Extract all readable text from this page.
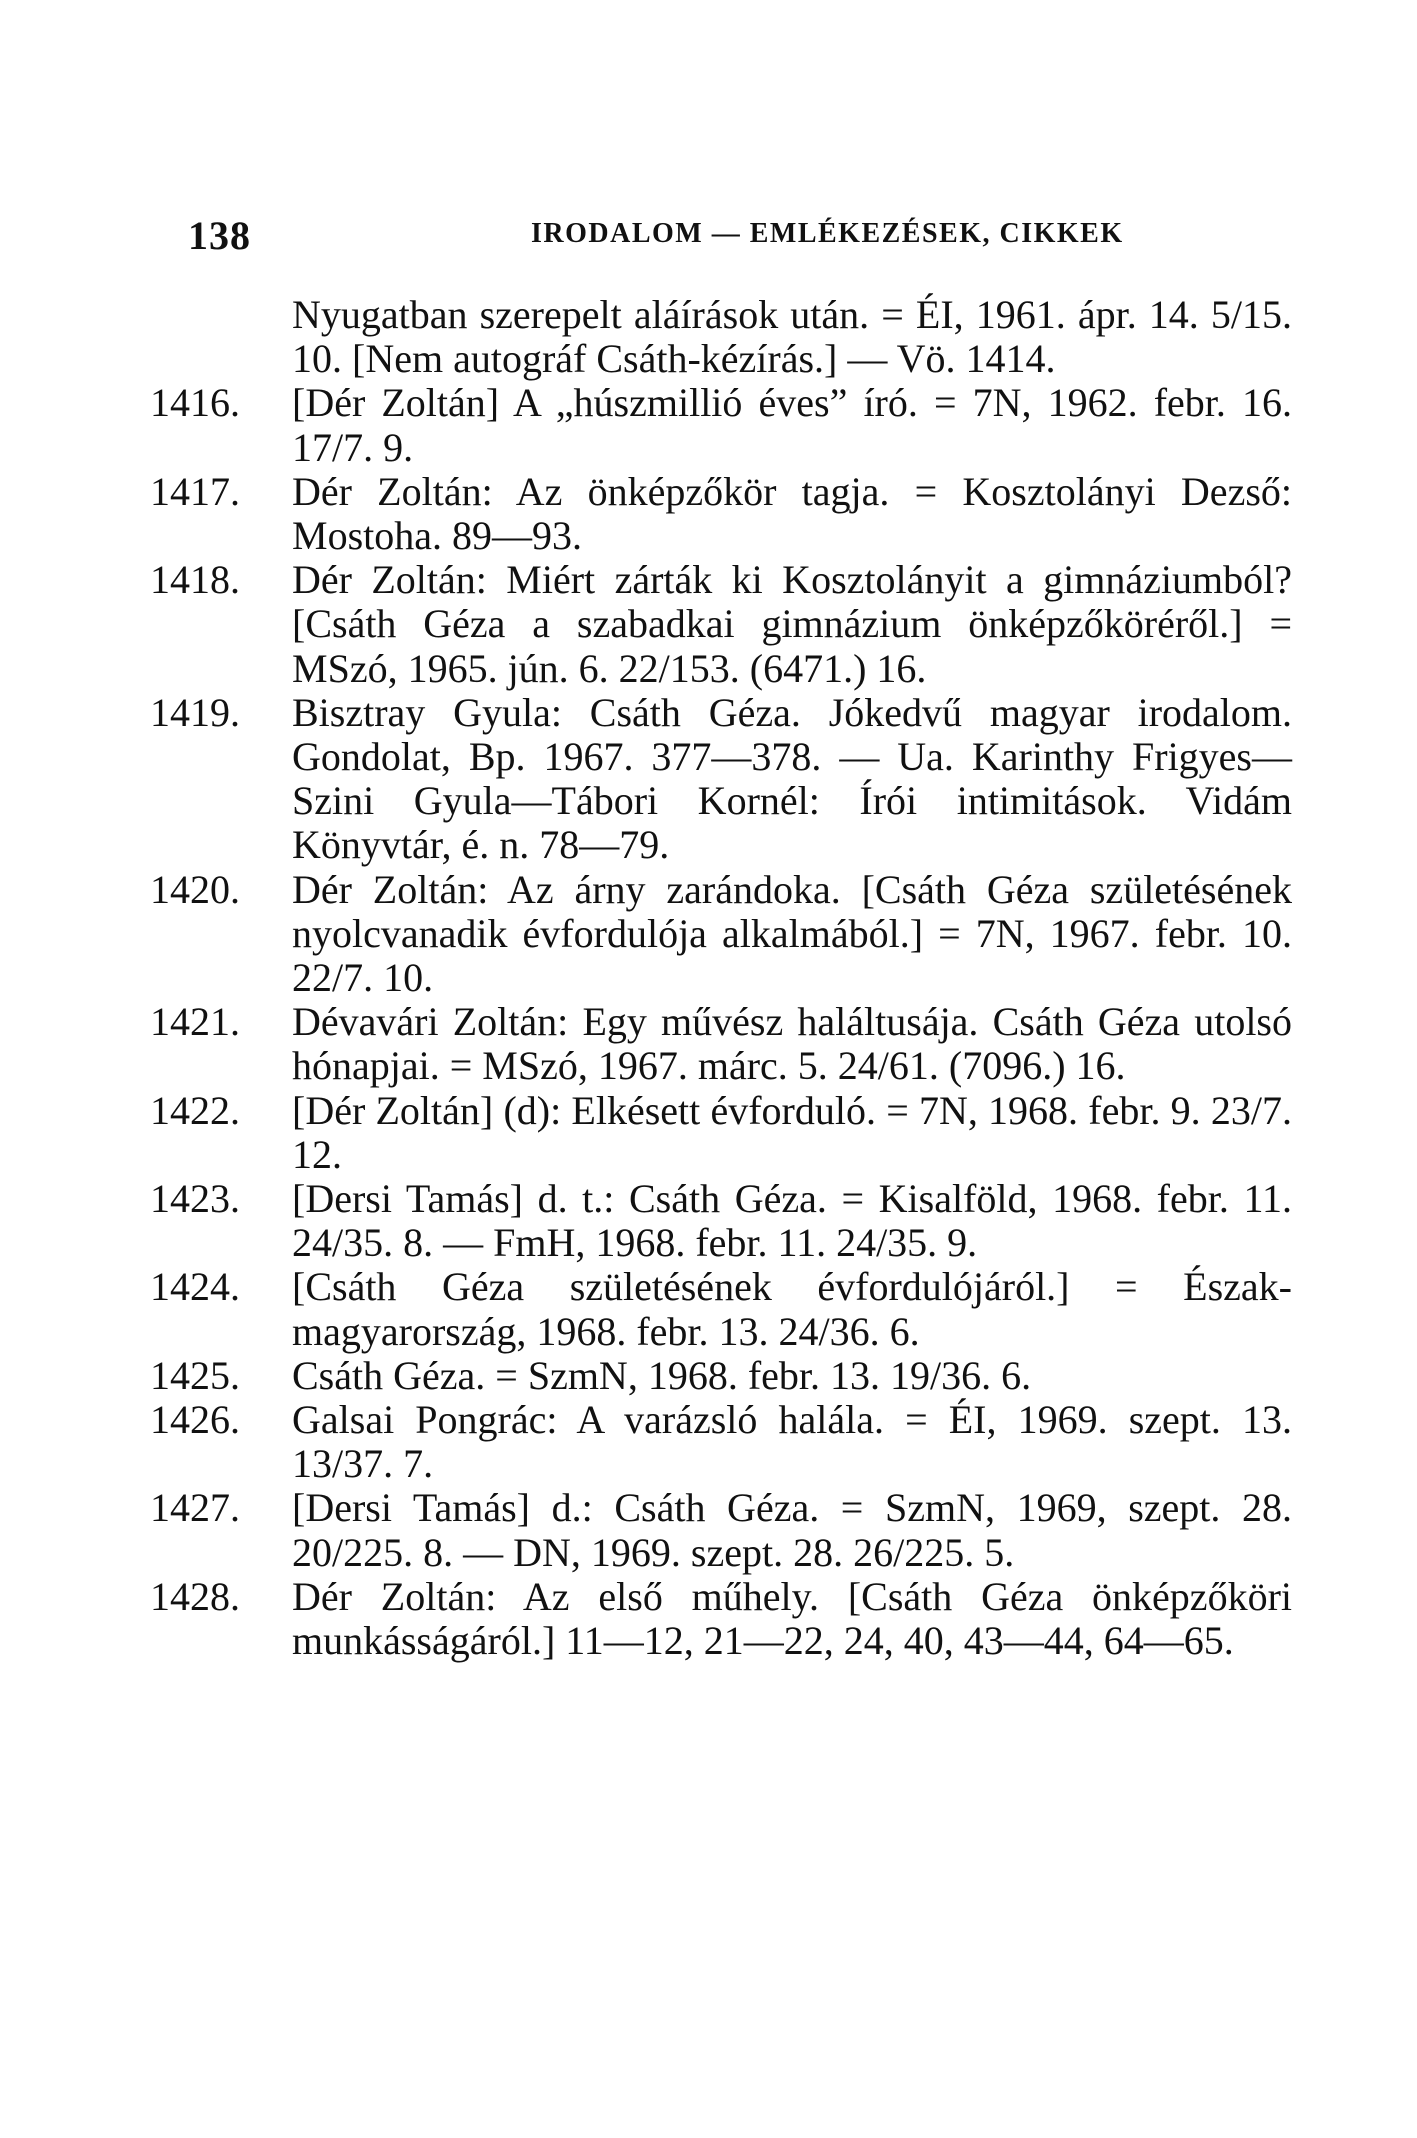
138	IRODALOM — EMLÉKEZÉSEK, CIKKEK
Nyugatban szerepelt aláírások után. = ÉI, 1961. ápr. 14. 5/15. 10. [Nem autográf Csáth-kézírás.] — Vö. 1414.
1416.	[Dér Zoltán] A „húszmillió éves” író. = 7N, 1962. febr. 16. 17/7. 9.
1417.	Dér Zoltán: Az önképzőkör tagja. = Kosztolányi Dezső: Mostoha. 89—93.
1418.	Dér Zoltán: Miért zárták ki Kosztolányit a gimnáziumból? [Csáth Géza a szabadkai gimnázium önképzőköréről.] = MSzó, 1965. jún. 6. 22/153. (6471.) 16.
1419.	Bisztray Gyula: Csáth Géza. Jókedvű magyar irodalom. Gondolat, Bp. 1967. 377—378. — Ua. Karinthy Frigyes—Szini Gyula—Tábori Kornél: Írói intimitások. Vidám Könyvtár, é. n. 78—79.
1420.	Dér Zoltán: Az árny zarándoka. [Csáth Géza születésének nyolcvanadik évfordulója alkalmából.] = 7N, 1967. febr. 10. 22/7. 10.
1421.	Dévavári Zoltán: Egy művész haláltusája. Csáth Géza utolsó hónapjai. = MSzó, 1967. márc. 5. 24/61. (7096.) 16.
1422.	[Dér Zoltán] (d): Elkésett évforduló. = 7N, 1968. febr. 9. 23/7. 12.
1423.	[Dersi Tamás] d. t.: Csáth Géza. = Kisalföld, 1968. febr. 11. 24/35. 8. — FmH, 1968. febr. 11. 24/35. 9.
1424.	[Csáth Géza születésének évfordulójáról.] = Észak-magyarország, 1968. febr. 13. 24/36. 6.
1425.	Csáth Géza. = SzmN, 1968. febr. 13. 19/36. 6.
1426.	Galsai Pongrác: A varázsló halála. = ÉI, 1969. szept. 13. 13/37. 7.
1427.	[Dersi Tamás] d.: Csáth Géza. = SzmN, 1969, szept. 28. 20/225. 8. — DN, 1969. szept. 28. 26/225. 5.
1428.	Dér Zoltán: Az első műhely. [Csáth Géza önképzőköri munkásságáról.] 11—12, 21—22, 24, 40, 43—44, 64—65.
